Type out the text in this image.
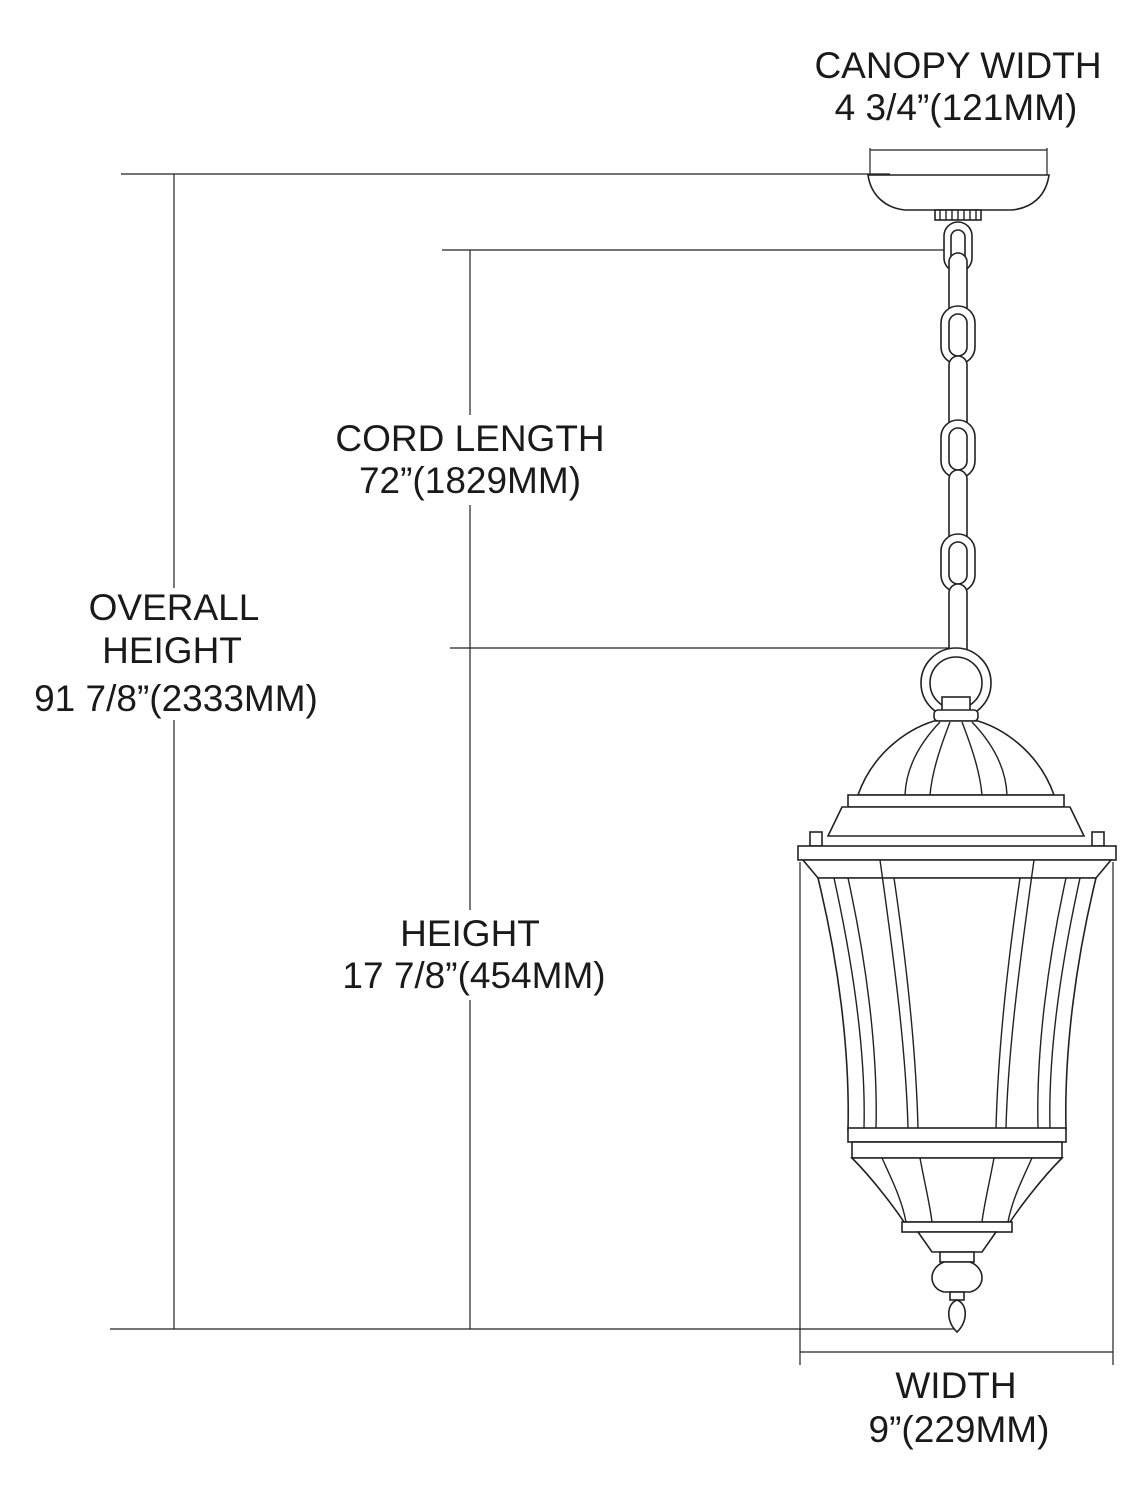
CANOPY WIDTH
4 3/4”(121MM)
CORD LENGTH
72”(1829MM)
OVERALL
HEIGHT
91 7/8”(2333MM)
HEIGHT
17 7/8”(454MM)
WIDTH
9”(229MM)
